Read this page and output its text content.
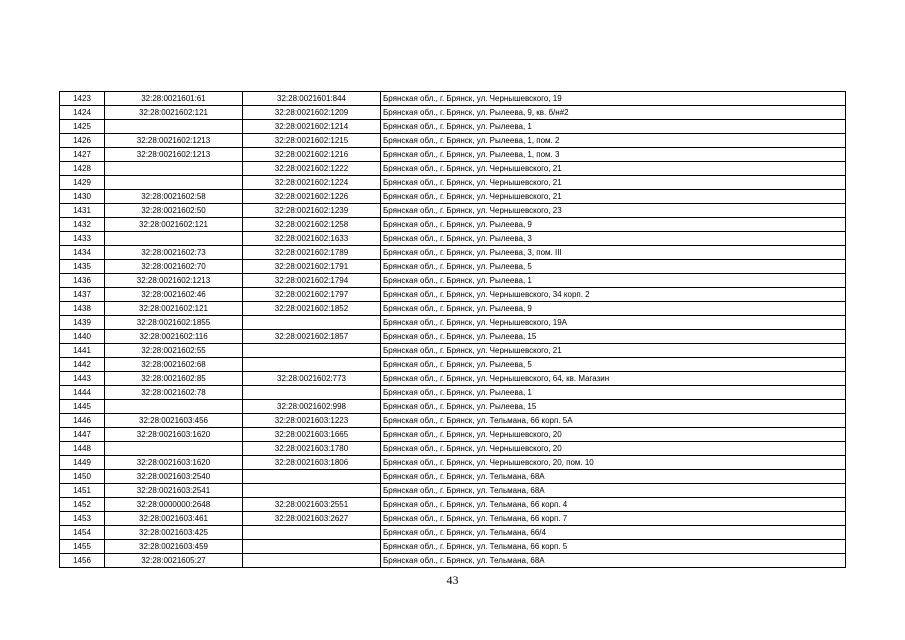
1423	32:28:0021601:61	32:28:0021601:844	Брянская обл., г. Брянск, ул. Чернышевского, 19
1424	32:28:0021602:121	32:28:0021602:1209	Брянская обл., г. Брянск, ул. Рылеева, 9, кв. б/н#2
1425		32:28:0021602:1214	Брянская обл., г. Брянск, ул. Рылеева, 1
1426	32:28:0021602:1213	32:28:0021602:1215	Брянская обл., г. Брянск, ул. Рылеева, 1, пом. 2
1427	32:28:0021602:1213	32:28:0021602:1216	Брянская обл., г. Брянск, ул. Рылеева, 1, пом. 3
1428		32:28:0021602:1222	Брянская обл., г. Брянск, ул. Чернышевского, 21
1429		32:28:0021602:1224	Брянская обл., г. Брянск, ул. Чернышевского, 21
1430	32:28:0021602:58	32:28:0021602:1226	Брянская обл., г. Брянск, ул. Чернышевского, 21
1431	32:28:0021602:50	32:28:0021602:1239	Брянская обл., г. Брянск, ул. Чернышевского, 23
1432	32:28:0021602:121	32:28:0021602:1258	Брянская обл., г. Брянск, ул. Рылеева, 9
1433		32:28:0021602:1633	Брянская обл., г. Брянск, ул. Рылеева, 3
1434	32:28:0021602:73	32:28:0021602:1789	Брянская обл., г. Брянск, ул. Рылеева, 3, пом. III
1435	32:28:0021602:70	32:28:0021602:1791	Брянская обл., г. Брянск, ул. Рылеева, 5
1436	32:28:0021602:1213	32:28:0021602:1794	Брянская обл., г. Брянск, ул. Рылеева, 1
1437	32:28:0021602:46	32:28:0021602:1797	Брянская обл., г. Брянск, ул. Чернышевского, 34 корп. 2
1438	32:28:0021602:121	32:28:0021602:1852	Брянская обл., г. Брянск, ул. Рылеева, 9
1439	32:28:0021602:1855		Брянская обл., г. Брянск, ул. Чернышевского, 19А
1440	32:28:0021602:116	32:28:0021602:1857	Брянская обл., г. Брянск, ул. Рылеева, 15
1441	32:28:0021602:55		Брянская обл., г. Брянск, ул. Чернышевского, 21
1442	32:28:0021602:68		Брянская обл., г. Брянск, ул. Рылеева, 5
1443	32:28:0021602:85	32:28:0021602:773	Брянская обл., г. Брянск, ул. Чернышевского, 64, кв. Магазин
1444	32:28:0021602:78		Брянская обл., г. Брянск, ул. Рылеева, 1
1445		32:28:0021602:998	Брянская обл., г. Брянск, ул. Рылеева, 15
1446	32:28:0021603:456	32:28:0021603:1223	Брянская обл., г. Брянск, ул. Тельмана, 66 корп. 5А
1447	32:28:0021603:1620	32:28:0021603:1665	Брянская обл., г. Брянск, ул. Чернышевского, 20
1448		32:28:0021603:1780	Брянская обл., г. Брянск, ул. Чернышевского, 20
1449	32:28:0021603:1620	32:28:0021603:1806	Брянская обл., г. Брянск, ул. Чернышевского, 20, пом. 10
1450	32:28:0021603:2540		Брянская обл., г. Брянск, ул. Тельмана, 68А
1451	32:28:0021603:2541		Брянская обл., г. Брянск, ул. Тельмана, 68А
1452	32:28:0000000:2648	32:28:0021603:2551	Брянская обл., г. Брянск, ул. Тельмана, 66 корп. 4
1453	32:28:0021603:461	32:28:0021603:2627	Брянская обл., г. Брянск, ул. Тельмана, 66 корп. 7
1454	32:28:0021603:425		Брянская обл., г. Брянск, ул. Тельмана, 66/4
1455	32:28:0021603:459		Брянская обл., г. Брянск, ул. Тельмана, 66 корп. 5
1456	32:28:0021605:27		Брянская обл., г. Брянск, ул. Тельмана, 68А
43
